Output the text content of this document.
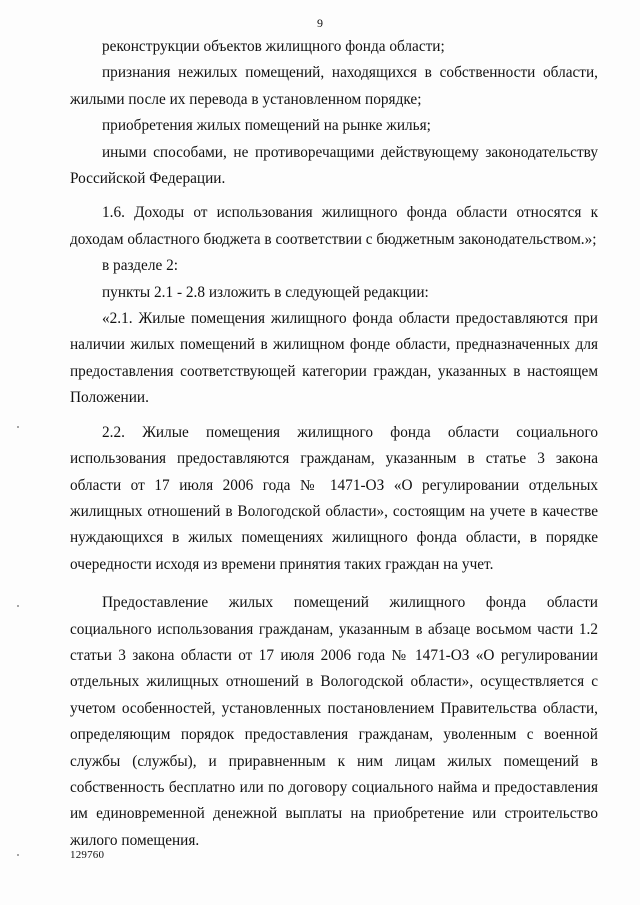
9

реконструкции объектов жилищного фонда области;

признания нежилых помещений, находящихся в собственности области, жилыми после их перевода в установленном порядке;

приобретения жилых помещений на рынке жилья;

иными способами, не противоречащими действующему законодательству Российской Федерации.

1.6. Доходы от использования жилищного фонда области относятся к доходам областного бюджета в соответствии с бюджетным законодательством.»;

в разделе 2:

пункты 2.1 - 2.8 изложить в следующей редакции:

«2.1. Жилые помещения жилищного фонда области предоставляются при наличии жилых помещений в жилищном фонде области, предназначенных для предоставления соответствующей категории граждан, указанных в настоящем Положении.

2.2. Жилые помещения жилищного фонда области социального использования предоставляются гражданам, указанным в статье 3 закона области от 17 июля 2006 года № 1471-ОЗ «О регулировании отдельных жилищных отношений в Вологодской области», состоящим на учете в качестве нуждающихся в жилых помещениях жилищного фонда области, в порядке очередности исходя из времени принятия таких граждан на учет.

Предоставление жилых помещений жилищного фонда области социального использования гражданам, указанным в абзаце восьмом части 1.2 статьи 3 закона области от 17 июля 2006 года № 1471-ОЗ «О регулировании отдельных жилищных отношений в Вологодской области», осуществляется с учетом особенностей, установленных постановлением Правительства области, определяющим порядок предоставления гражданам, уволенным с военной службы (службы), и приравненным к ним лицам жилых помещений в собственность бесплатно или по договору социального найма и предоставления им единовременной денежной выплаты на приобретение или строительство жилого помещения.

129760
